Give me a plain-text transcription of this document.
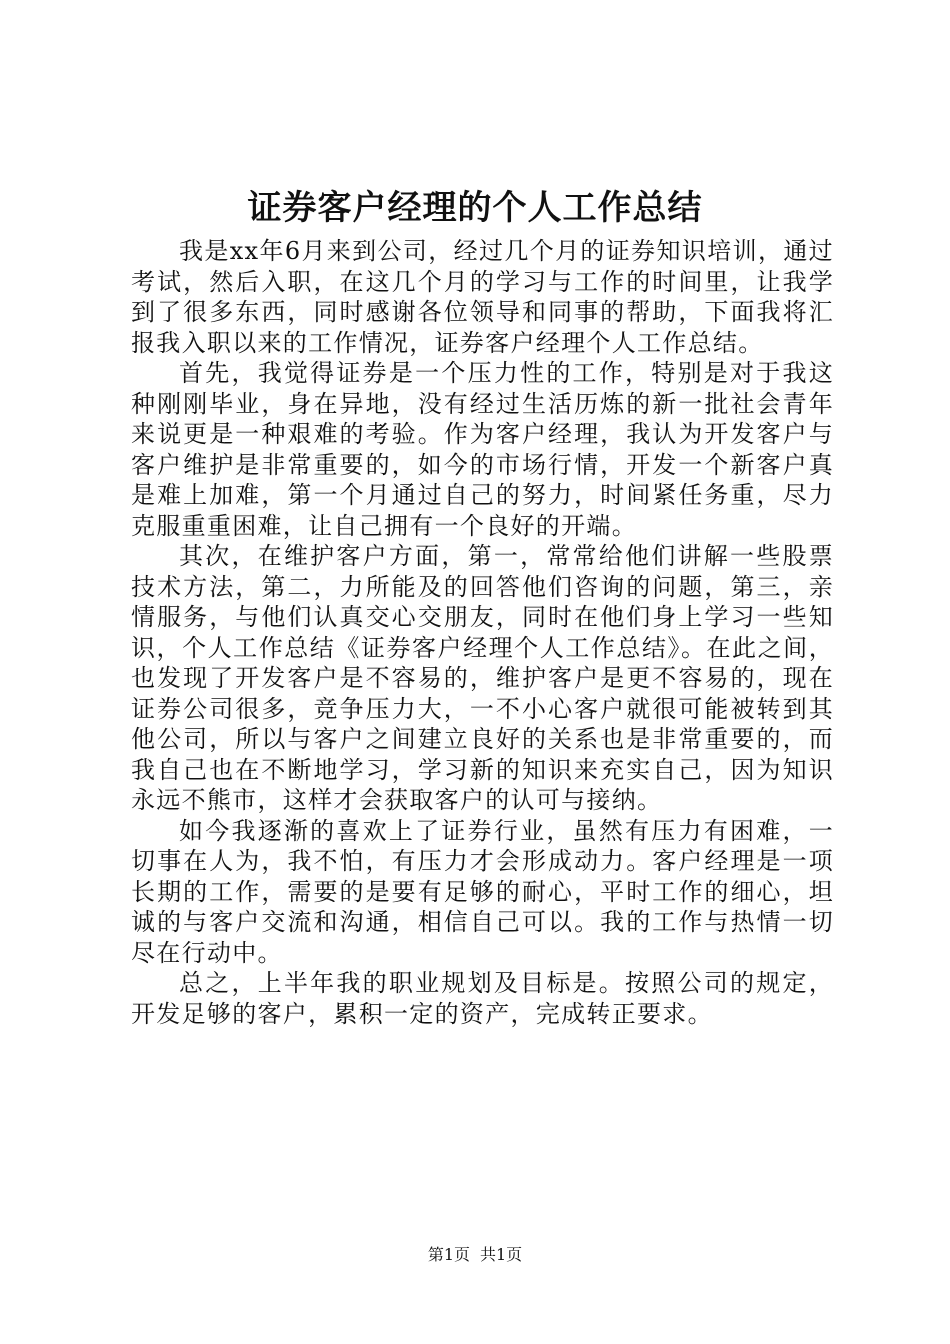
证券客户经理的个人工作总结

我是xx年6月来到公司，经过几个月的证券知识培训，通过考试，然后入职，在这几个月的学习与工作的时间里，让我学到了很多东西，同时感谢各位领导和同事的帮助，下面我将汇报我入职以来的工作情况，证券客户经理个人工作总结。

首先，我觉得证券是一个压力性的工作，特别是对于我这种刚刚毕业，身在异地，没有经过生活历炼的新一批社会青年来说更是一种艰难的考验。作为客户经理，我认为开发客户与客户维护是非常重要的，如今的市场行情，开发一个新客户真是难上加难，第一个月通过自己的努力，时间紧任务重，尽力克服重重困难，让自己拥有一个良好的开端。

其次，在维护客户方面，第一，常常给他们讲解一些股票技术方法，第二，力所能及的回答他们咨询的问题，第三，亲情服务，与他们认真交心交朋友，同时在他们身上学习一些知识，个人工作总结《证券客户经理个人工作总结》。在此之间，也发现了开发客户是不容易的，维护客户是更不容易的，现在证券公司很多，竞争压力大，一不小心客户就很可能被转到其他公司，所以与客户之间建立良好的关系也是非常重要的，而我自己也在不断地学习，学习新的知识来充实自己，因为知识永远不熊市，这样才会获取客户的认可与接纳。

如今我逐渐的喜欢上了证券行业，虽然有压力有困难，一切事在人为，我不怕，有压力才会形成动力。客户经理是一项长期的工作，需要的是要有足够的耐心，平时工作的细心，坦诚的与客户交流和沟通，相信自己可以。我的工作与热情一切尽在行动中。

总之，上半年我的职业规划及目标是。按照公司的规定，开发足够的客户，累积一定的资产，完成转正要求。

第1页 共1页
